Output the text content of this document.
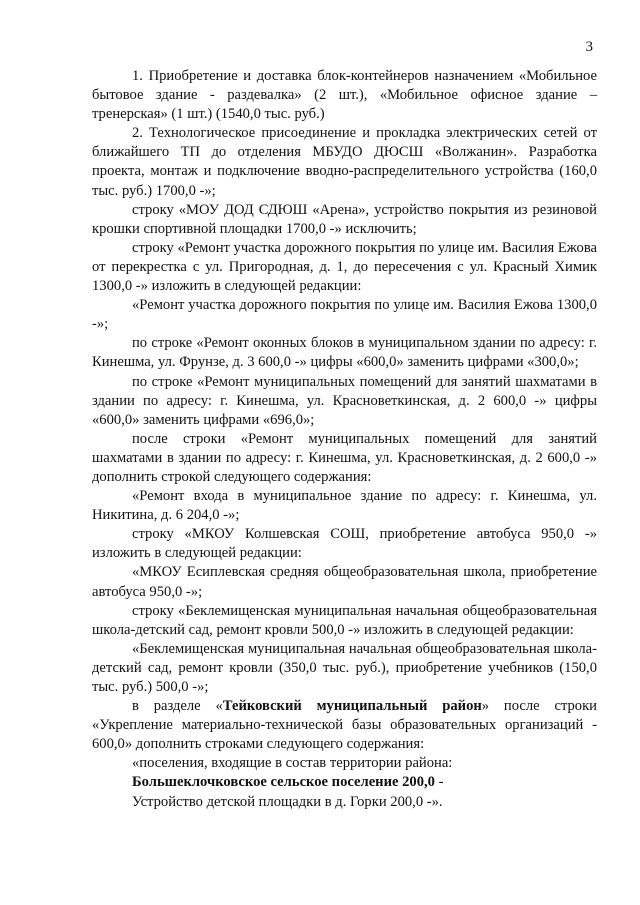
3

1. Приобретение и доставка блок-контейнеров назначением «Мобильное бытовое здание - раздевалка» (2 шт.), «Мобильное офисное здание – тренерская» (1 шт.) (1540,0 тыс. руб.)

2. Технологическое присоединение и прокладка электрических сетей от ближайшего ТП до отделения МБУДО ДЮСШ «Волжанин». Разработка проекта, монтаж и подключение вводно-распределительного устройства (160,0 тыс. руб.) 1700,0 -»;

строку «МОУ ДОД СДЮШ «Арена», устройство покрытия из резиновой крошки спортивной площадки 1700,0 -» исключить;

строку «Ремонт участка дорожного покрытия по улице им. Василия Ежова от перекрестка с ул. Пригородная, д. 1, до пересечения с ул. Красный Химик 1300,0 -» изложить в следующей редакции:

«Ремонт участка дорожного покрытия по улице им. Василия Ежова 1300,0 -»;

по строке «Ремонт оконных блоков в муниципальном здании по адресу: г. Кинешма, ул. Фрунзе, д. 3 600,0 -» цифры «600,0» заменить цифрами «300,0»;

по строке «Ремонт муниципальных помещений для занятий шахматами в здании по адресу: г. Кинешма, ул. Красноветкинская, д. 2 600,0 -» цифры «600,0» заменить цифрами «696,0»;

после строки «Ремонт муниципальных помещений для занятий шахматами в здании по адресу: г. Кинешма, ул. Красноветкинская, д. 2 600,0 -» дополнить строкой следующего содержания:

«Ремонт входа в муниципальное здание по адресу: г. Кинешма, ул. Никитина, д. 6 204,0 -»;

строку «МКОУ Колшевская СОШ, приобретение автобуса 950,0 -» изложить в следующей редакции:

«МКОУ Есиплевская средняя общеобразовательная школа, приобретение автобуса 950,0 -»;

строку «Беклемищенская муниципальная начальная общеобразовательная школа-детский сад, ремонт кровли 500,0 -» изложить в следующей редакции:

«Беклемищенская муниципальная начальная общеобразовательная школа-детский сад, ремонт кровли (350,0 тыс. руб.), приобретение учебников (150,0 тыс. руб.) 500,0 -»;

в разделе «Тейковский муниципальный район» после строки «Укрепление материально-технической базы образовательных организаций - 600,0» дополнить строками следующего содержания:

«поселения, входящие в состав территории района:

Большеклочковское сельское поселение 200,0 -

Устройство детской площадки в д. Горки 200,0 -».
